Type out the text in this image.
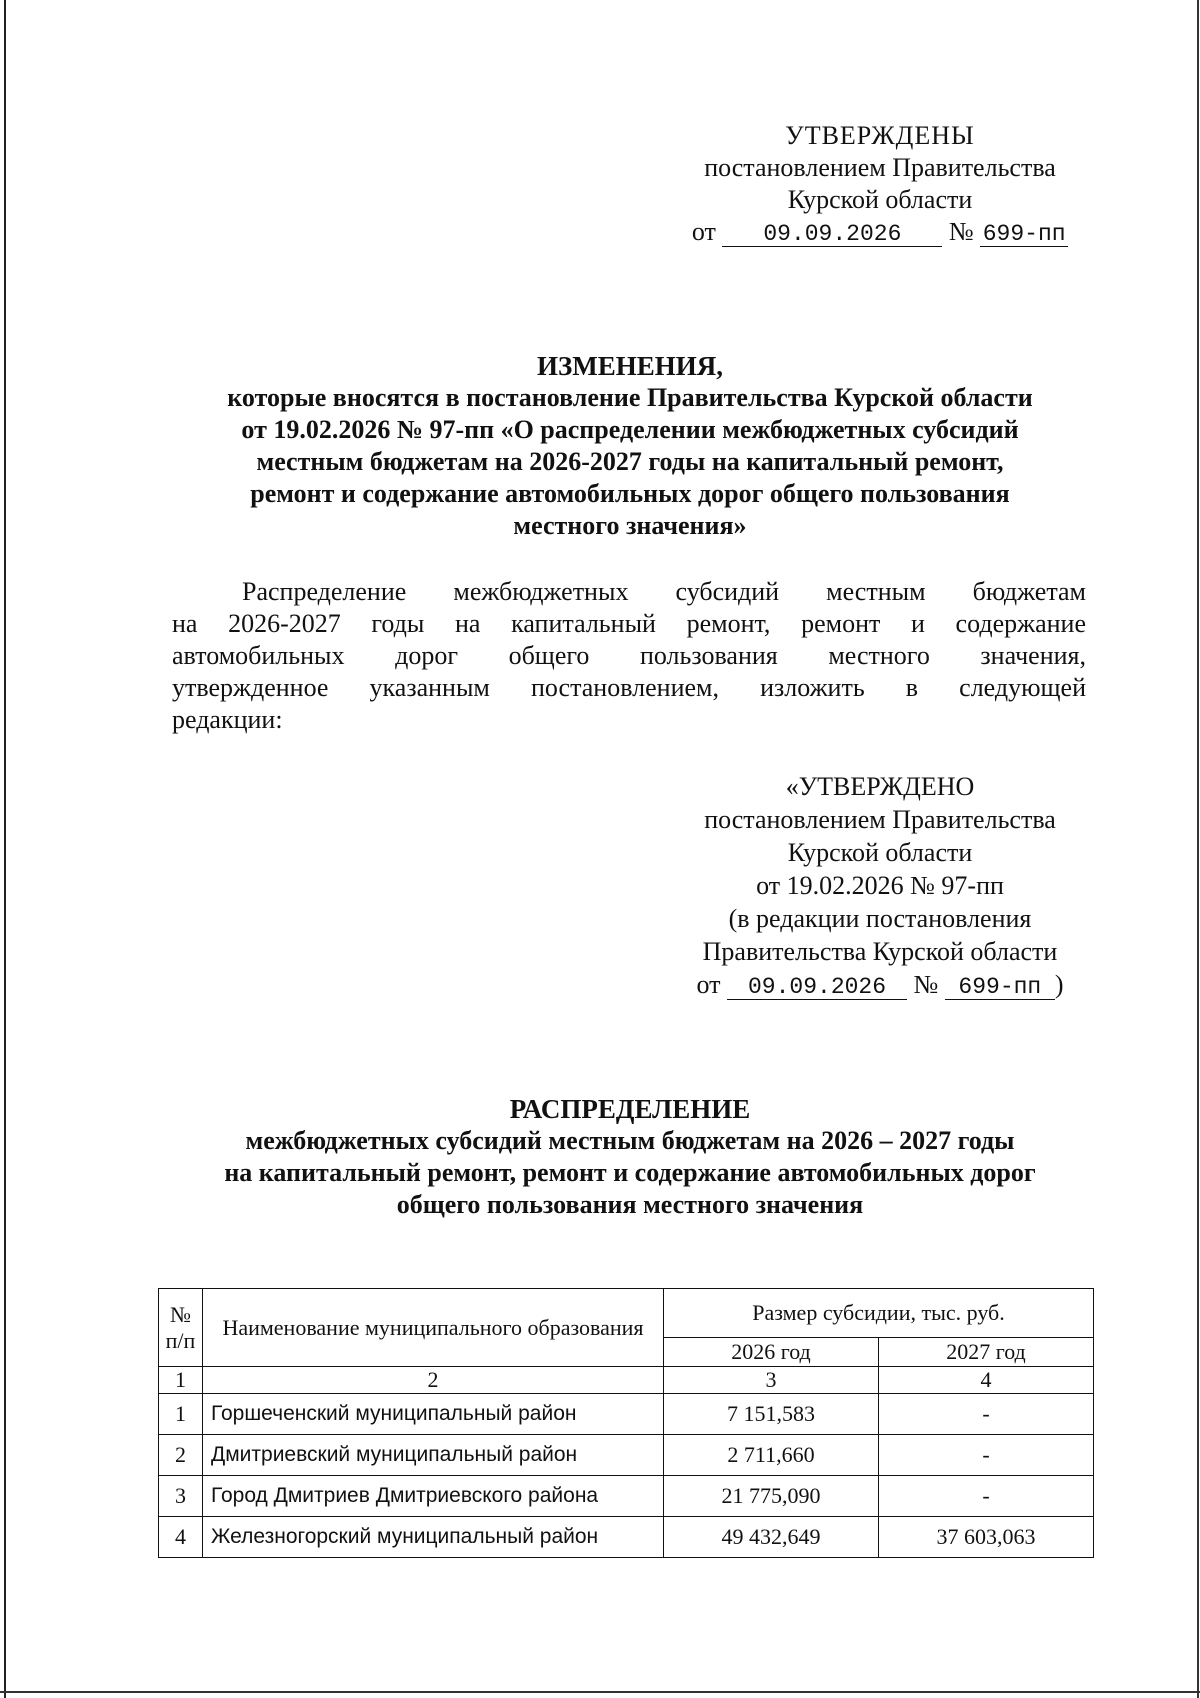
УТВЕРЖДЕНЫ
постановлением Правительства
Курской области
от 09.09.2026 № 699-пп
ИЗМЕНЕНИЯ,
которые вносятся в постановление Правительства Курской области
от 19.02.2026 № 97-пп «О распределении межбюджетных субсидий
местным бюджетам на 2026-2027 годы на капитальный ремонт,
ремонт и содержание автомобильных дорог общего пользования
местного значения»
Распределение межбюджетных субсидий местным бюджетам
на 2026-2027 годы на капитальный ремонт, ремонт и содержание
автомобильных дорог общего пользования местного значения,
утвержденное указанным постановлением, изложить в следующей
редакции:
«УТВЕРЖДЕНО
постановлением Правительства
Курской области
от 19.02.2026 № 97-пп
(в редакции постановления
Правительства Курской области
от 09.09.2026 № 699-пп )
РАСПРЕДЕЛЕНИЕ
межбюджетных субсидий местным бюджетам на 2026 – 2027 годы
на капитальный ремонт, ремонт и содержание автомобильных дорог
общего пользования местного значения
№ п/п	Наименование муниципального образования	Размер субсидии, тыс. руб.	
		2026 год	2027 год
1	2	3	4
1	Горшеченский муниципальный район	7 151,583	-
2	Дмитриевский муниципальный район	2 711,660	-
3	Город Дмитриев Дмитриевского района	21 775,090	-
4	Железногорский муниципальный район	49 432,649	37 603,063
